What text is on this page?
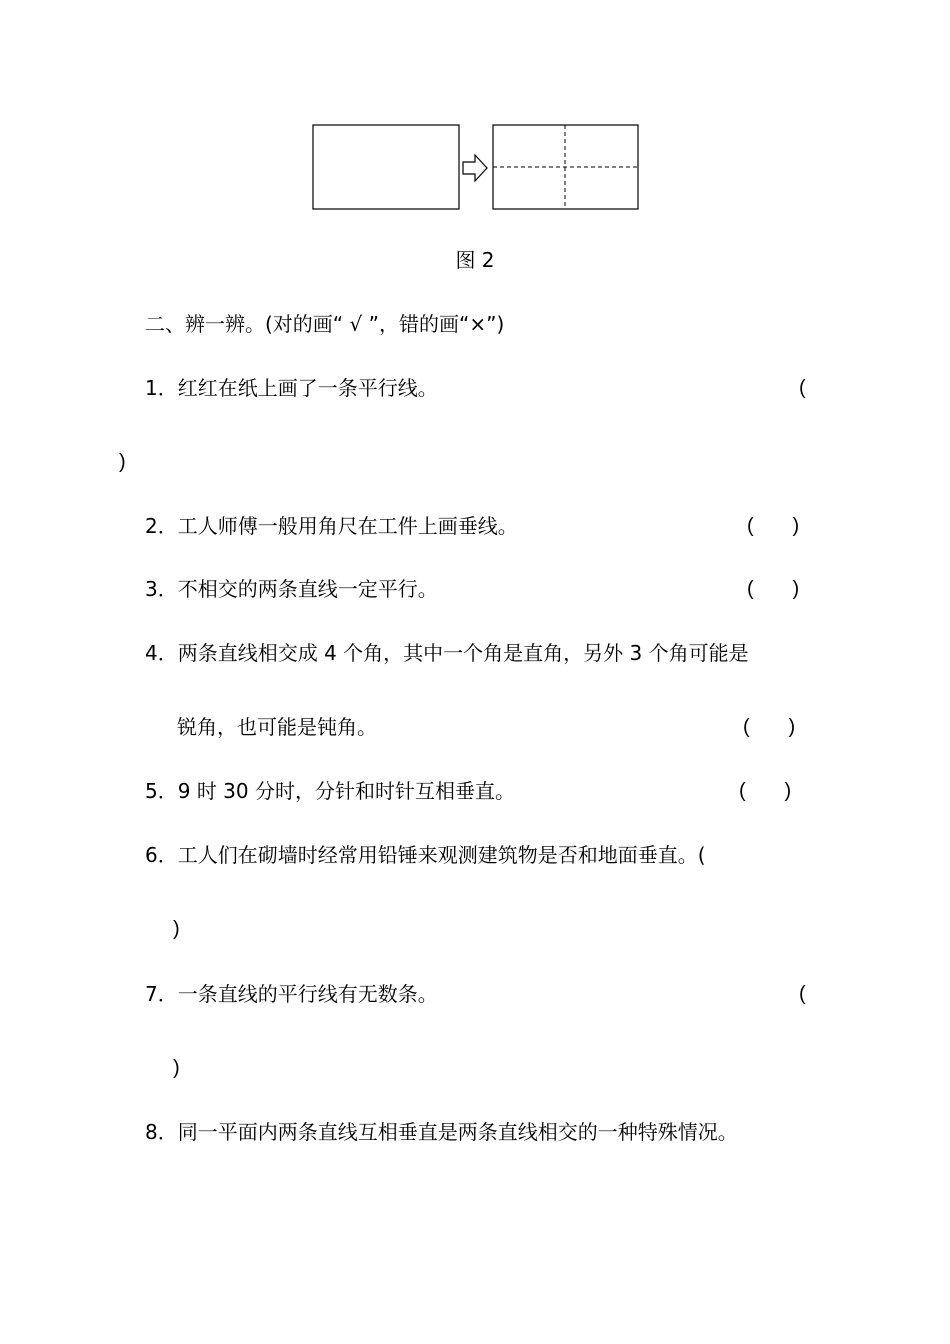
图 2
二、辨一辨。(对的画“ √ ”，错的画“×”)
1．红红在纸上画了一条平行线。	(
)
2．工人师傅一般用角尺在工件上画垂线。	(       )
3．不相交的两条直线一定平行。	(       )
4．两条直线相交成 4 个角，其中一个角是直角，另外 3 个角可能是
锐角，也可能是钝角。	(       )
5．9 时 30 分时，分针和时针互相垂直。	(       )
6．工人们在砌墙时经常用铅锤来观测建筑物是否和地面垂直。(
)
7．一条直线的平行线有无数条。	(
)
8．同一平面内两条直线互相垂直是两条直线相交的一种特殊情况。
